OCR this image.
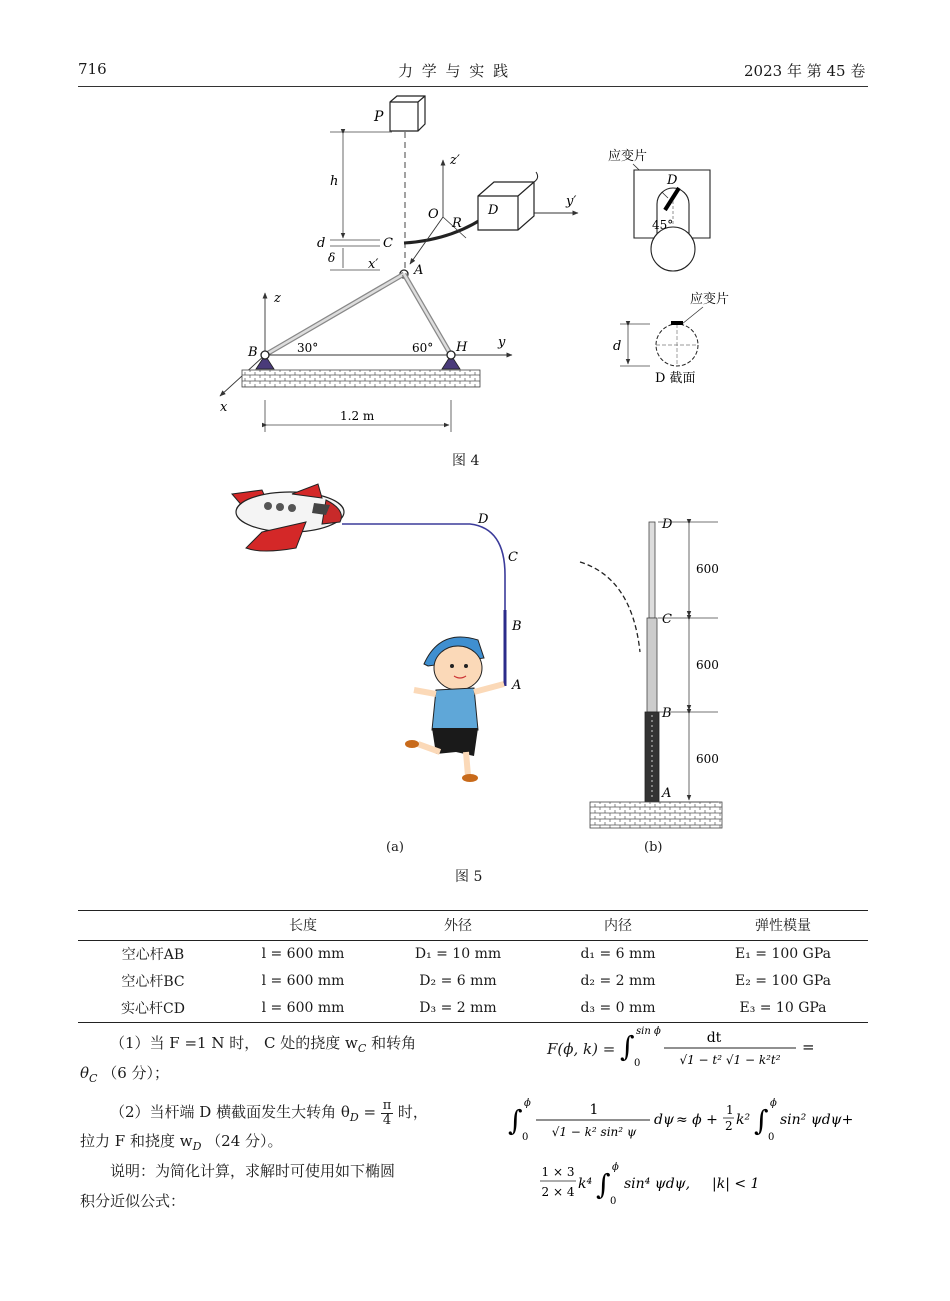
716	力 学 与 实 践	2023 年 第 45 卷
P
h
d	C
δ
z′
O
R
x′
y′
D
A
z
y
x
B	H
30°	60°
1.2 m
应变片
D
45°
应变片
d
D 截面
图 4
D
C
B
A
D
C
B
A
600
600
600
(a)	(b)
图 5
	长度	外径	内径	弹性模量
空心杆AB	l = 600 mm	D₁ = 10 mm	d₁ = 6 mm	E₁ = 100 GPa
空心杆BC	l = 600 mm	D₂ = 6 mm	d₂ = 2 mm	E₂ = 100 GPa
实心杆CD	l = 600 mm	D₃ = 2 mm	d₃ = 0 mm	E₃ = 10 GPa
（1）当 F =1 N 时， C 处的挠度 $w_C$ 和转角
$\theta_C$ （6 分）；
（2）当杆端 D 横截面发生大转角 $\theta_D = \pi$
4 时，
拉力 F 和挠度 $w_D$ （24 分）。
说明：为简化计算，求解时可使用如下椭圆
积分近似公式：
F(ϕ, k) = ∫ sin ϕ
0
dt
√1 − t² √1 − k²t²
=
∫
ϕ
0
1
√1 − k² sin² ψ
dψ ≈ ϕ +
1
2 k² ∫
ϕ
0
sin² ψdψ+
1 × 3
2 × 4 k⁴ ∫
ϕ
0
sin⁴ ψdψ, |k| < 1
